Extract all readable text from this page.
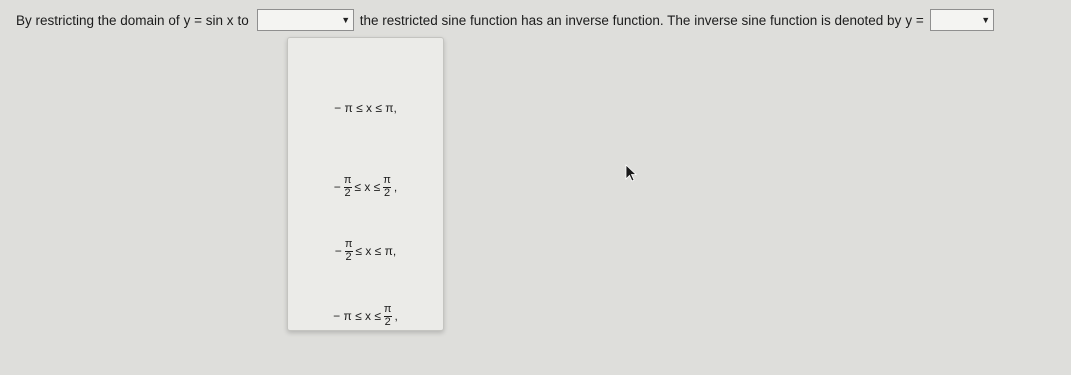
By restricting the domain of y = sin x to	▼ the restricted sine function has an inverse function. The inverse sine function is denoted by y =	▼
− π ≤ x ≤ π,
− $\frac{\pi}{2} \le x \le \frac{\pi}{2}$ ,
− $\frac{\pi}{2} \le x \le \pi$,
− $\pi \le x \le \frac{\pi}{2}$ ,
